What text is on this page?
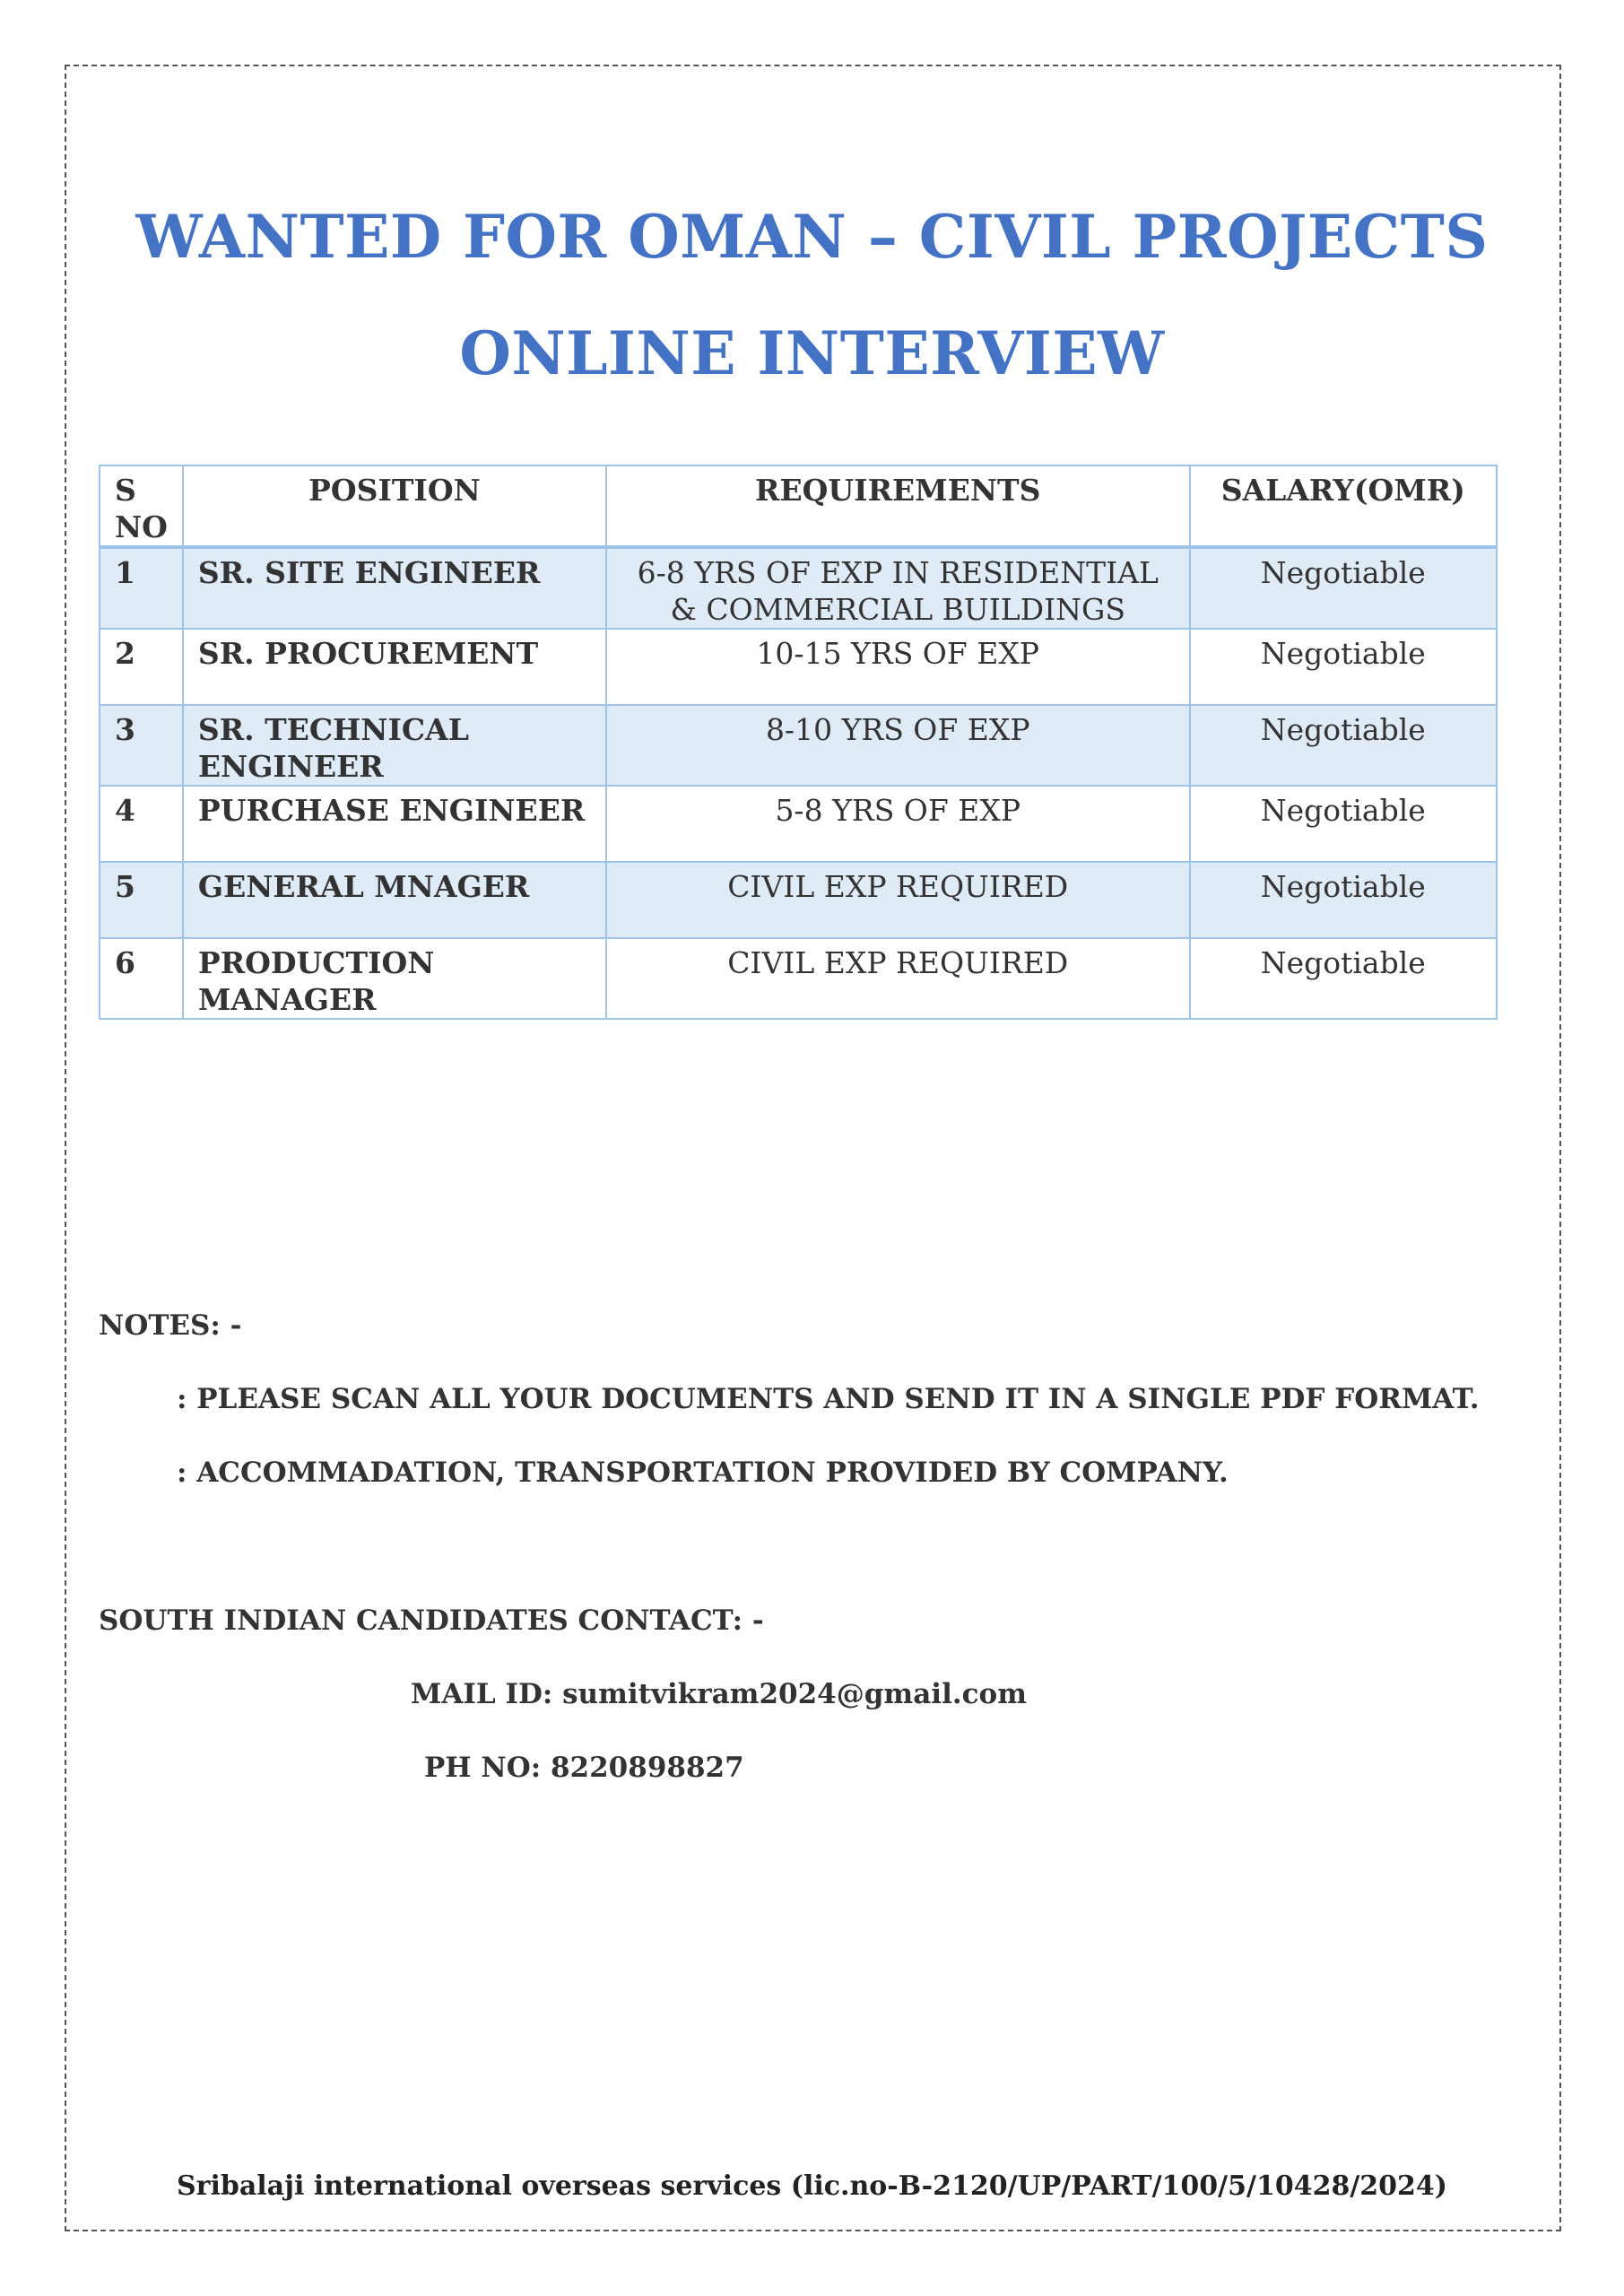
WANTED FOR OMAN – CIVIL PROJECTS
ONLINE INTERVIEW
S NO	POSITION	REQUIREMENTS	SALARY(OMR)
1	SR. SITE ENGINEER	6-8 YRS OF EXP IN RESIDENTIAL & COMMERCIAL BUILDINGS	Negotiable
2	SR. PROCUREMENT	10-15 YRS OF EXP	Negotiable
3	SR. TECHNICAL ENGINEER	8-10 YRS OF EXP	Negotiable
4	PURCHASE ENGINEER	5-8 YRS OF EXP	Negotiable
5	GENERAL MNAGER	CIVIL EXP REQUIRED	Negotiable
6	PRODUCTION MANAGER	CIVIL EXP REQUIRED	Negotiable
NOTES: -
: PLEASE SCAN ALL YOUR DOCUMENTS AND SEND IT IN A SINGLE PDF FORMAT.
: ACCOMMADATION, TRANSPORTATION PROVIDED BY COMPANY.
SOUTH INDIAN CANDIDATES CONTACT: -
MAIL ID: sumitvikram2024@gmail.com
PH NO: 8220898827
Sribalaji international overseas services (lic.no-B-2120/UP/PART/100/5/10428/2024)
